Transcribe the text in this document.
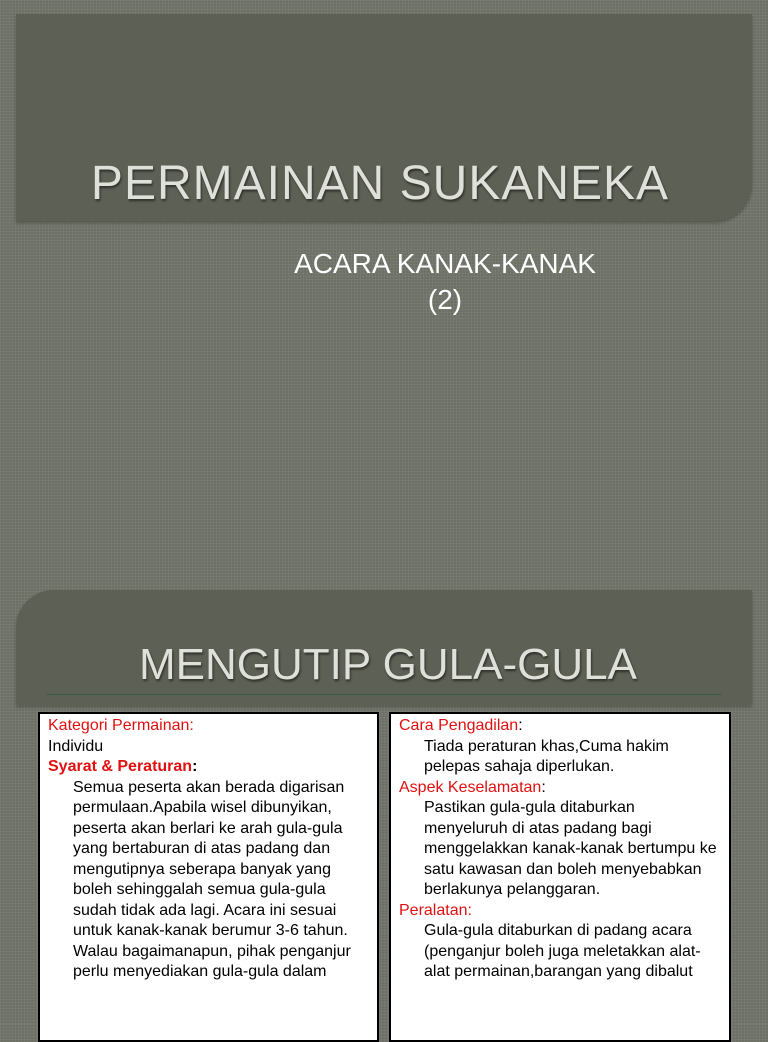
PERMAINAN SUKANEKA
ACARA KANAK-KANAK
(2)
MENGUTIP GULA-GULA
Kategori Permainan:
Individu
Syarat & Peraturan:
Semua peserta akan berada digarisan permulaan.Apabila wisel dibunyikan, peserta akan berlari ke arah gula-gula yang bertaburan di atas padang dan mengutipnya seberapa banyak yang boleh sehinggalah semua gula-gula sudah tidak ada lagi. Acara ini sesuai untuk kanak-kanak berumur 3-6 tahun. Walau bagaimanapun, pihak penganjur perlu menyediakan gula-gula dalam
Cara Pengadilan:
Tiada peraturan khas,Cuma hakim pelepas sahaja diperlukan.
Aspek Keselamatan:
Pastikan gula-gula ditaburkan menyeluruh di atas padang bagi menggelakkan kanak-kanak bertumpu ke satu kawasan dan boleh menyebabkan berlakunya pelanggaran.
Peralatan:
Gula-gula ditaburkan di padang acara (penganjur boleh juga meletakkan alat-alat permainan,barangan yang dibalut
